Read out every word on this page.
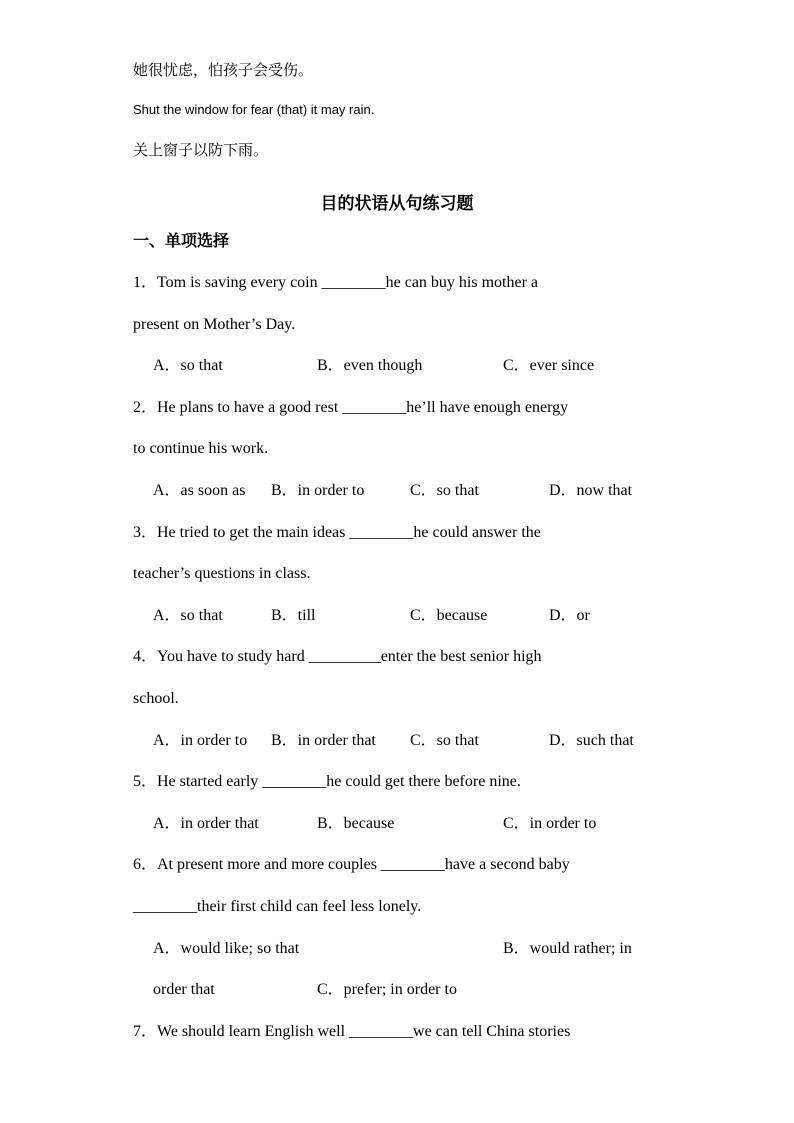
她很忧虑，怕孩子会受伤。
Shut the window for fear (that) it may rain.
关上窗子以防下雨。
目的状语从句练习题
一、单项选择
1．Tom is saving every coin ________he can buy his mother a
present on Mother’s Day.
A．so that	B．even though	C．ever since
2．He plans to have a good rest ________he’ll have enough energy
to continue his work.
A．as soon as B．in order to	C．so that	D．now that
3．He tried to get the main ideas ________he could answer the
teacher’s questions in class.
A．so that	B．till	C．because	D．or
4．You have to study hard _________enter the best senior high
school.
A．in order to B．in order that C．so that	D．such that
5．He started early ________he could get there before nine.
A．in order that	B．because	C．in order to
6．At present more and more couples ________have a second baby
________their first child can feel less lonely.
A．would like; so that	B．would rather; in
order that	C．prefer; in order to
7．We should learn English well ________we can tell China stories
